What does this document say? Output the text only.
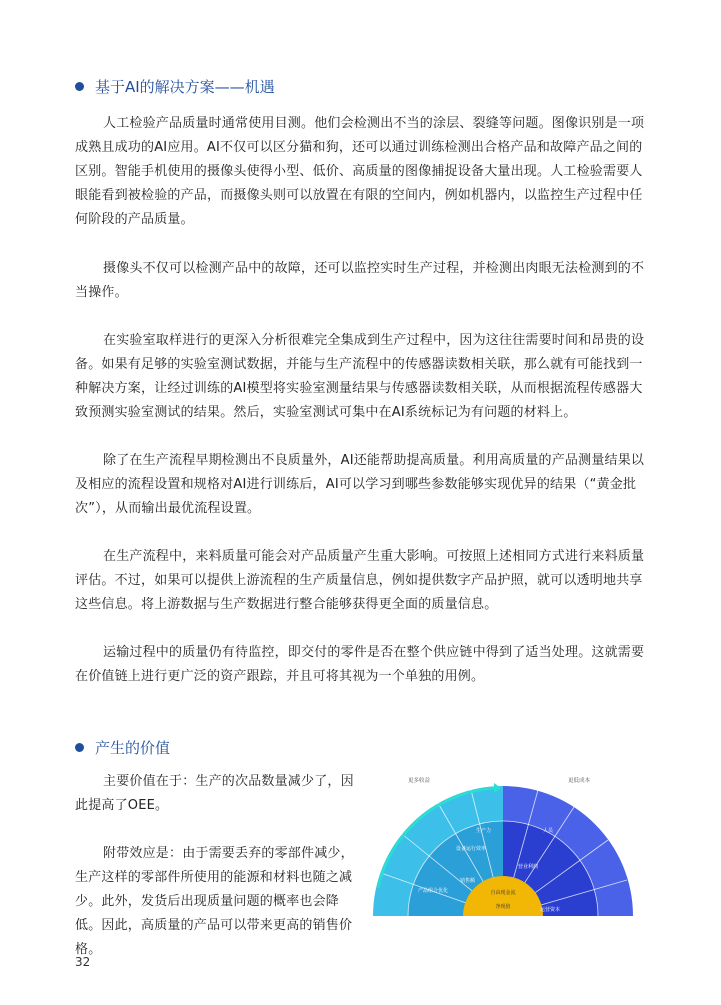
基于AI的解决方案——机遇

人工检验产品质量时通常使用目测。他们会检测出不当的涂层、裂缝等问题。图像识别是一项成熟且成功的AI应用。AI不仅可以区分猫和狗，还可以通过训练检测出合格产品和故障产品之间的区别。智能手机使用的摄像头使得小型、低价、高质量的图像捕捉设备大量出现。人工检验需要人眼能看到被检验的产品，而摄像头则可以放置在有限的空间内，例如机器内，以监控生产过程中任何阶段的产品质量。

摄像头不仅可以检测产品中的故障，还可以监控实时生产过程，并检测出肉眼无法检测到的不当操作。

在实验室取样进行的更深入分析很难完全集成到生产过程中，因为这往往需要时间和昂贵的设备。如果有足够的实验室测试数据，并能与生产流程中的传感器读数相关联，那么就有可能找到一种解决方案，让经过训练的AI模型将实验室测量结果与传感器读数相关联，从而根据流程传感器大致预测实验室测试的结果。然后，实验室测试可集中在AI系统标记为有问题的材料上。

除了在生产流程早期检测出不良质量外，AI还能帮助提高质量。利用高质量的产品测量结果以及相应的流程设置和规格对AI进行训练后，AI可以学习到哪些参数能够实现优异的结果（“黄金批次”），从而输出最优流程设置。

在生产流程中，来料质量可能会对产品质量产生重大影响。可按照上述相同方式进行来料质量评估。不过，如果可以提供上游流程的生产质量信息，例如提供数字产品护照，就可以透明地共享这些信息。将上游数据与生产数据进行整合能够获得更全面的质量信息。

运输过程中的质量仍有待监控，即交付的零件是否在整个供应链中得到了适当处理。这就需要在价值链上进行更广泛的资产跟踪，并且可将其视为一个单独的用例。

产生的价值

主要价值在于：生产的次品数量减少了，因此提高了OEE。

附带效应是：由于需要丢弃的零部件减少，生产这样的零部件所使用的能源和材料也随之减少。此外，发货后出现质量问题的概率也会降低。因此，高质量的产品可以带来更高的销售价格。

自由现金流
净现值
销售额
产品组合优化
设备运行效率
生产力	人员
运营资本
营业利润
更多收益	更低成本
32
